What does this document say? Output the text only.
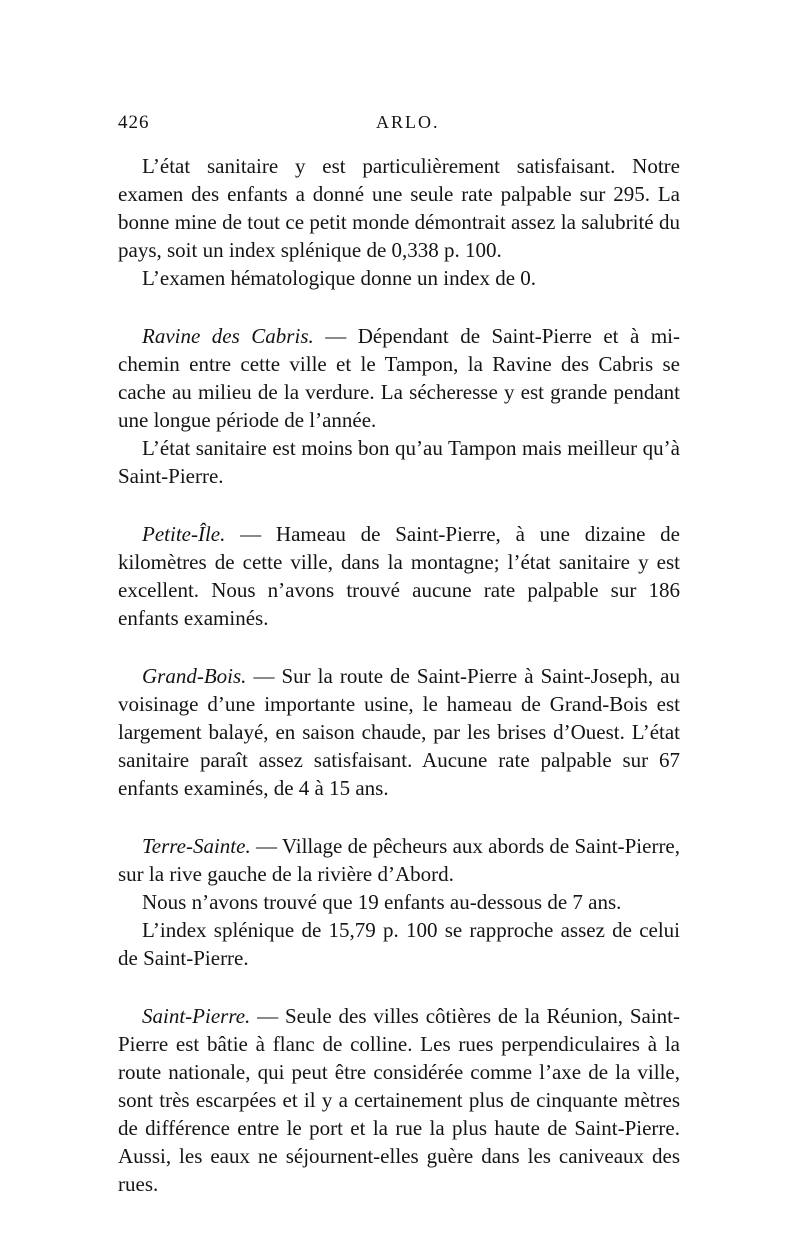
426	ARLO.

L’état sanitaire y est particulièrement satisfaisant. Notre examen des enfants a donné une seule rate palpable sur 295. La bonne mine de tout ce petit monde démontrait assez la salubrité du pays, soit un index splénique de 0,338 p. 100.

L’examen hématologique donne un index de 0.

Ravine des Cabris. — Dépendant de Saint-Pierre et à mi-chemin entre cette ville et le Tampon, la Ravine des Cabris se cache au milieu de la verdure. La sécheresse y est grande pendant une longue période de l’année.

L’état sanitaire est moins bon qu’au Tampon mais meilleur qu’à Saint-Pierre.

Petite-Île. — Hameau de Saint-Pierre, à une dizaine de kilomètres de cette ville, dans la montagne; l’état sanitaire y est excellent. Nous n’avons trouvé aucune rate palpable sur 186 enfants examinés.

Grand-Bois. — Sur la route de Saint-Pierre à Saint-Joseph, au voisinage d’une importante usine, le hameau de Grand-Bois est largement balayé, en saison chaude, par les brises d’Ouest. L’état sanitaire paraît assez satisfaisant. Aucune rate palpable sur 67 enfants examinés, de 4 à 15 ans.

Terre-Sainte. — Village de pêcheurs aux abords de Saint-Pierre, sur la rive gauche de la rivière d’Abord.

Nous n’avons trouvé que 19 enfants au-dessous de 7 ans.

L’index splénique de 15,79 p. 100 se rapproche assez de celui de Saint-Pierre.

Saint-Pierre. — Seule des villes côtières de la Réunion, Saint-Pierre est bâtie à flanc de colline. Les rues perpendiculaires à la route nationale, qui peut être considérée comme l’axe de la ville, sont très escarpées et il y a certainement plus de cinquante mètres de différence entre le port et la rue la plus haute de Saint-Pierre. Aussi, les eaux ne séjournent-elles guère dans les caniveaux des rues.
